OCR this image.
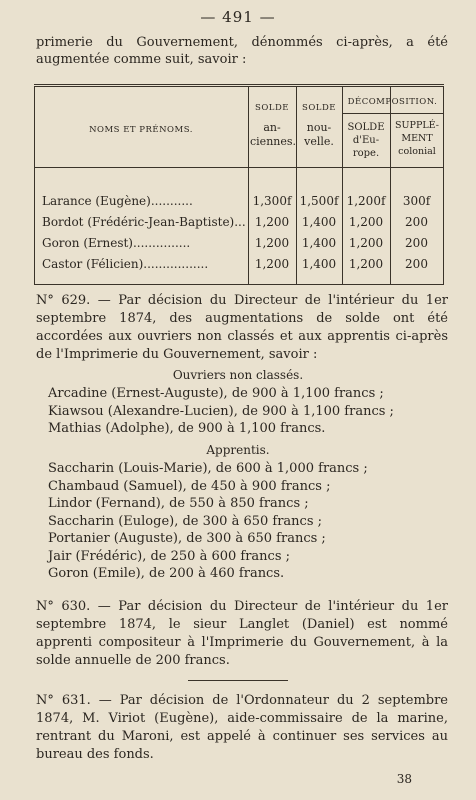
— 491 —
primerie du Gouvernement, dénommés ci-après, a été augmentée comme suit, savoir :
NOMS ET PRÉNOMS.
SOLDE
an- ciennes.
SOLDE
nou- velle.
DÉCOMPOSITION.
SOLDE d'Eu- rope.
SUPPLÉ- MENT colonial
Larance (Eugène)...........	1,300f 1,500f 1,200f	300f
Bordot (Frédéric-Jean-Baptiste)... 1,200	1,400	1,200	200
Goron (Ernest)...............	1,200	1,400	1,200	200
Castor (Félicien).................	1,200	1,400	1,200	200
N° 629. — Par décision du Directeur de l'intérieur du 1er septembre 1874, des augmentations de solde ont été accordées aux ouvriers non classés et aux apprentis ci-après de l'Imprimerie du Gouvernement, savoir :
Ouvriers non classés.
Arcadine (Ernest-Auguste), de 900 à 1,100 francs ;
Kiawsou (Alexandre-Lucien), de 900 à 1,100 francs ;
Mathias (Adolphe), de 900 à 1,100 francs.
Apprentis.
Saccharin (Louis-Marie), de 600 à 1,000 francs ;
Chambaud (Samuel), de 450 à 900 francs ;
Lindor (Fernand), de 550 à 850 francs ;
Saccharin (Euloge), de 300 à 650 francs ;
Portanier (Auguste), de 300 à 650 francs ;
Jair (Frédéric), de 250 à 600 francs ;
Goron (Emile), de 200 à 460 francs.
N° 630. — Par décision du Directeur de l'intérieur du 1er septembre 1874, le sieur Langlet (Daniel) est nommé apprenti compositeur à l'Imprimerie du Gouvernement, à la solde annuelle de 200 francs.
N° 631. — Par décision de l'Ordonnateur du 2 septembre 1874, M. Viriot (Eugène), aide-commissaire de la marine, rentrant du Maroni, est appelé à continuer ses services au bureau des fonds.
38
